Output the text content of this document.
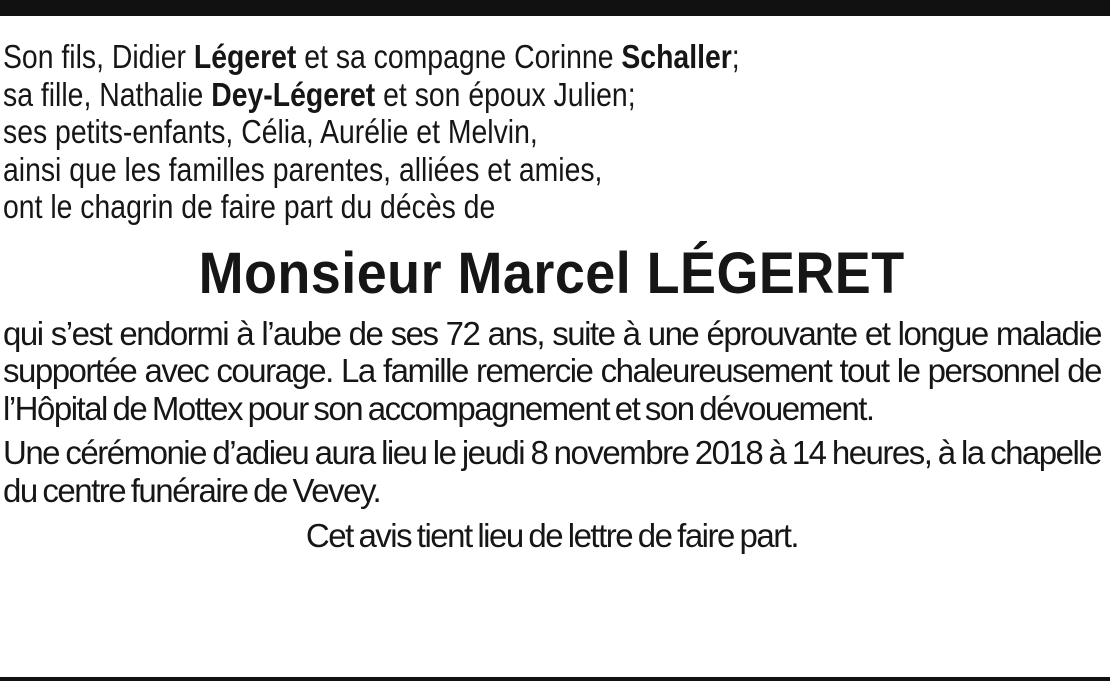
Son fils, Didier Légeret et sa compagne Corinne Schaller;

sa fille, Nathalie Dey-Légeret et son époux Julien;

ses petits-enfants, Célia, Aurélie et Melvin,

ainsi que les familles parentes, alliées et amies,

ont le chagrin de faire part du décès de

Monsieur Marcel LÉGERET

qui s’est endormi à l’aube de ses 72 ans, suite à une éprouvante et longue maladie supportée avec courage. La famille remercie chaleureusement tout le personnel de l’Hôpital de Mottex pour son accompagnement et son dévouement.

Une cérémonie d’adieu aura lieu le jeudi 8 novembre 2018 à 14 heures, à la chapelle du centre funéraire de Vevey.

Cet avis tient lieu de lettre de faire part.
